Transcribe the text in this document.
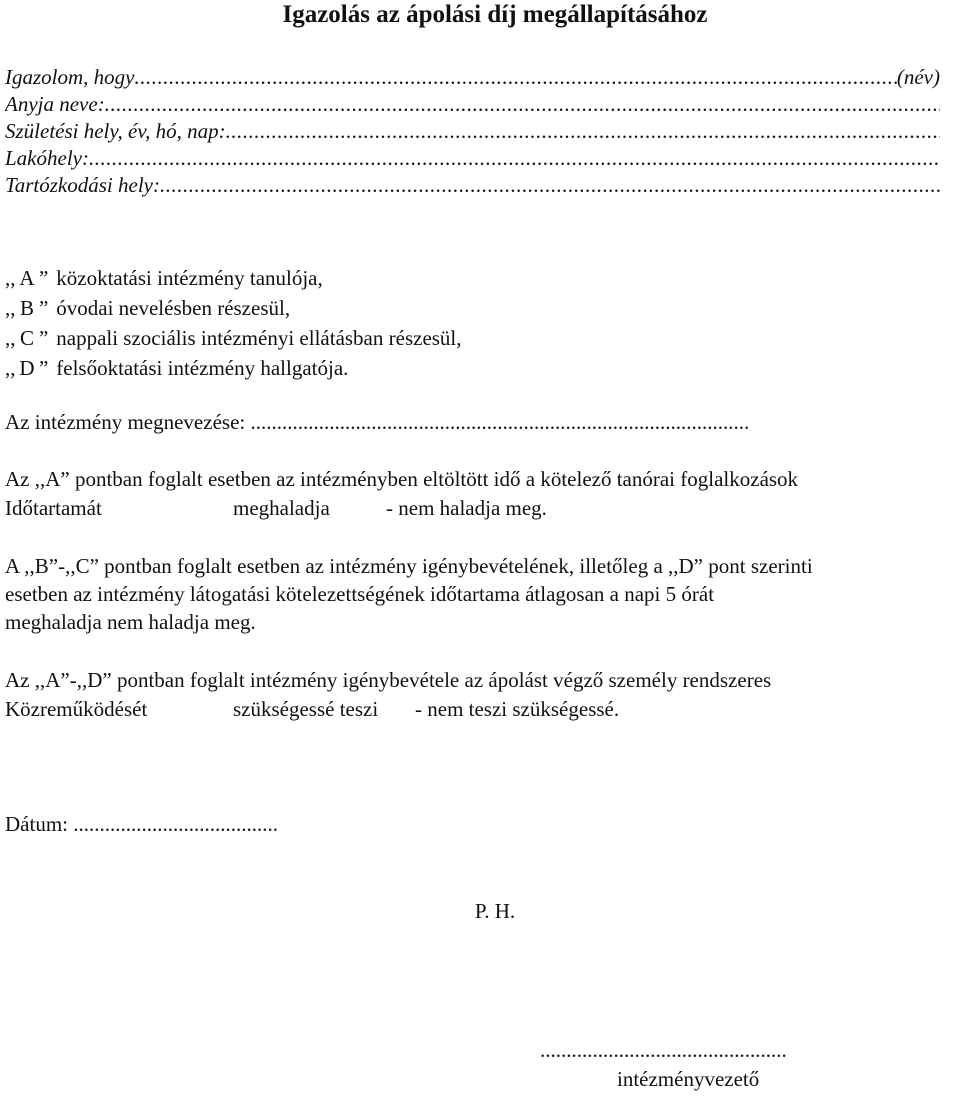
Igazolás az ápolási díj megállapításához
Igazolom, hogy
.....	(név)
Anyja neve:
.....
Születési hely, év, hó, nap:
.....
Lakóhely:
.....
Tartózkodási hely:
.....
,, A ” közoktatási intézmény tanulója,
,, B ” óvodai nevelésben részesül,
,, C ” nappali szociális intézményi ellátásban részesül,
,, D ” felsőoktatási intézmény hallgatója.
Az intézmény megnevezése: ...............................................................................................
Az ,,A” pontban foglalt esetben az intézményben eltöltött idő a kötelező tanórai foglalkozások
Időtartamát	meghaladja	- nem haladja meg.
A ,,B”-,,C” pontban foglalt esetben az intézmény igénybevételének, illetőleg a ,,D” pont szerinti
esetben az intézmény látogatási kötelezettségének időtartama átlagosan a napi 5 órát
meghaladja nem haladja meg.
Az ,,A”-,,D” pontban foglalt intézmény igénybevétele az ápolást végző személy rendszeres
Közreműködését	szükségessé teszi - nem teszi szükségessé.
Dátum: .......................................
P. H.
...............................................
intézményvezető
